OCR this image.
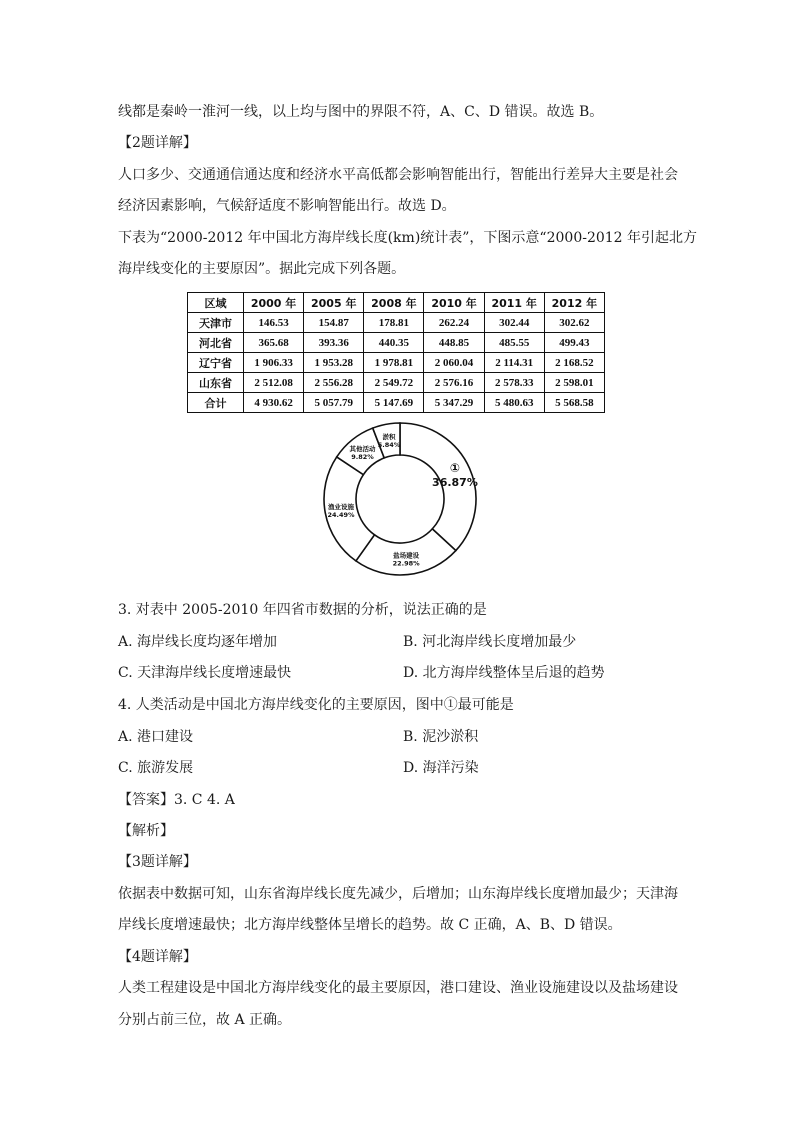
线都是秦岭一淮河一线，以上均与图中的界限不符，A、C、D 错误。故选 B。
【2题详解】
人口多少、交通通信通达度和经济水平高低都会影响智能出行，智能出行差异大主要是社会
经济因素影响，气候舒适度不影响智能出行。故选 D。
下表为“2000-2012 年中国北方海岸线长度(km)统计表”，下图示意“2000-2012 年引起北方
海岸线变化的主要原因”。据此完成下列各题。
区域	2000 年	2005 年	2008 年	2010 年	2011 年	2012 年
天津市	146.53	154.87	178.81	262.24	302.44	302.62
河北省	365.68	393.36	440.35	448.85	485.55	499.43
辽宁省	1 906.33	1 953.28	1 978.81	2 060.04	2 114.31	2 168.52
山东省	2 512.08	2 556.28	2 549.72	2 576.16	2 578.33	2 598.01
合计	4 930.62	5 057.79	5 147.69	5 347.29	5 480.63	5 568.58
①
36.87%
盐场建设
22.98%
渔业设施
24.49%
其他活动
9.82%
淤积
5.84%
3. 对表中 2005-2010 年四省市数据的分析，说法正确的是
A. 海岸线长度均逐年增加	B. 河北海岸线长度增加最少
C. 天津海岸线长度增速最快	D. 北方海岸线整体呈后退的趋势
4. 人类活动是中国北方海岸线变化的主要原因，图中①最可能是
A. 港口建设	B. 泥沙淤积
C. 旅游发展	D. 海洋污染
【答案】3. C 4. A
【解析】
【3题详解】
依据表中数据可知，山东省海岸线长度先减少，后增加；山东海岸线长度增加最少；天津海
岸线长度增速最快；北方海岸线整体呈增长的趋势。故 C 正确，A、B、D 错误。
【4题详解】
人类工程建设是中国北方海岸线变化的最主要原因，港口建设、渔业设施建设以及盐场建设
分别占前三位，故 A 正确。
